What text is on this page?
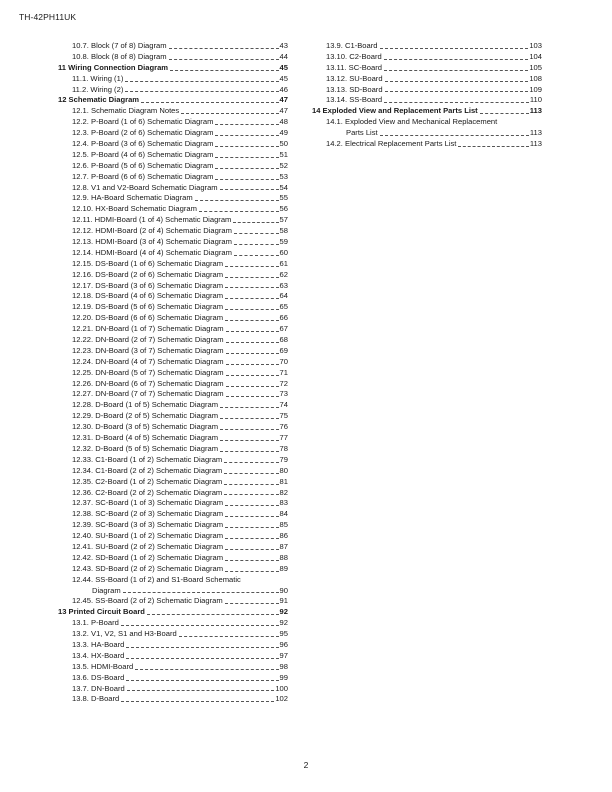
TH-42PH11UK
10.7. Block (7 of 8) Diagram	43
10.8. Block (8 of 8) Diagram	44
11 Wiring Connection Diagram	45
11.1. Wiring (1)	45
11.2. Wiring (2)	46
12 Schematic Diagram	47
12.1. Schematic Diagram Notes	47
12.2. P-Board (1 of 6) Schematic Diagram	48
12.3. P-Board (2 of 6) Schematic Diagram	49
12.4. P-Board (3 of 6) Schematic Diagram	50
12.5. P-Board (4 of 6) Schematic Diagram	51
12.6. P-Board (5 of 6) Schematic Diagram	52
12.7. P-Board (6 of 6) Schematic Diagram	53
12.8. V1 and V2-Board Schematic Diagram	54
12.9. HA-Board Schematic Diagram	55
12.10. HX-Board Schematic Diagram	56
12.11. HDMI-Board (1 of 4) Schematic Diagram	57
12.12. HDMI-Board (2 of 4) Schematic Diagram	58
12.13. HDMI-Board (3 of 4) Schematic Diagram	59
12.14. HDMI-Board (4 of 4) Schematic Diagram	60
12.15. DS-Board (1 of 6) Schematic Diagram	61
12.16. DS-Board (2 of 6) Schematic Diagram	62
12.17. DS-Board (3 of 6) Schematic Diagram	63
12.18. DS-Board (4 of 6) Schematic Diagram	64
12.19. DS-Board (5 of 6) Schematic Diagram	65
12.20. DS-Board (6 of 6) Schematic Diagram	66
12.21. DN-Board (1 of 7) Schematic Diagram	67
12.22. DN-Board (2 of 7) Schematic Diagram	68
12.23. DN-Board (3 of 7) Schematic Diagram	69
12.24. DN-Board (4 of 7) Schematic Diagram	70
12.25. DN-Board (5 of 7) Schematic Diagram	71
12.26. DN-Board (6 of 7) Schematic Diagram	72
12.27. DN-Board (7 of 7) Schematic Diagram	73
12.28. D-Board (1 of 5) Schematic Diagram	74
12.29. D-Board (2 of 5) Schematic Diagram	75
12.30. D-Board (3 of 5) Schematic Diagram	76
12.31. D-Board (4 of 5) Schematic Diagram	77
12.32. D-Board (5 of 5) Schematic Diagram	78
12.33. C1-Board (1 of 2) Schematic Diagram	79
12.34. C1-Board (2 of 2) Schematic Diagram	80
12.35. C2-Board (1 of 2) Schematic Diagram	81
12.36. C2-Board (2 of 2) Schematic Diagram	82
12.37. SC-Board (1 of 3) Schematic Diagram	83
12.38. SC-Board (2 of 3) Schematic Diagram	84
12.39. SC-Board (3 of 3) Schematic Diagram	85
12.40. SU-Board (1 of 2) Schematic Diagram	86
12.41. SU-Board (2 of 2) Schematic Diagram	87
12.42. SD-Board (1 of 2) Schematic Diagram	88
12.43. SD-Board (2 of 2) Schematic Diagram	89
12.44. SS-Board (1 of 2) and S1-Board Schematic
Diagram	90
12.45. SS-Board (2 of 2) Schematic Diagram	91
13 Printed Circuit Board	92
13.1. P-Board	92
13.2. V1, V2, S1 and H3-Board	95
13.3. HA-Board	96
13.4. HX-Board	97
13.5. HDMI-Board	98
13.6. DS-Board	99
13.7. DN-Board	100
13.8. D-Board	102
13.9. C1-Board	103
13.10. C2-Board	104
13.11. SC-Board	105
13.12. SU-Board	108
13.13. SD-Board	109
13.14. SS-Board	110
14 Exploded View and Replacement Parts List	113
14.1. Exploded View and Mechanical Replacement
Parts List	113
14.2. Electrical Replacement Parts List	113
2
